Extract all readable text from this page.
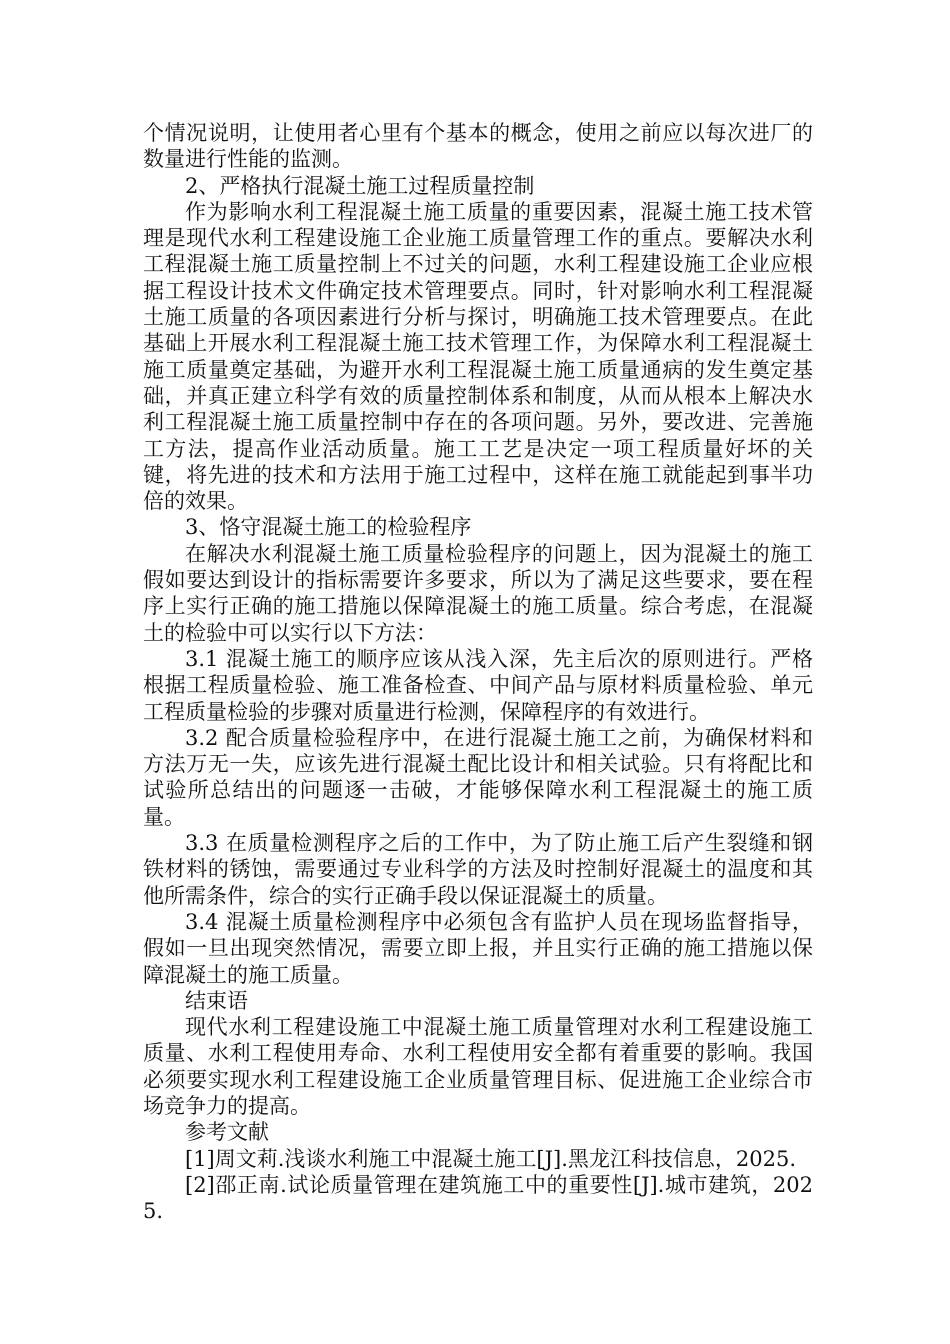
个情况说明，让使用者心里有个基本的概念，使用之前应以每次进厂的数量进行性能的监测。

2、严格执行混凝土施工过程质量控制

作为影响水利工程混凝土施工质量的重要因素，混凝土施工技术管理是现代水利工程建设施工企业施工质量管理工作的重点。要解决水利工程混凝土施工质量控制上不过关的问题，水利工程建设施工企业应根据工程设计技术文件确定技术管理要点。同时，针对影响水利工程混凝土施工质量的各项因素进行分析与探讨，明确施工技术管理要点。在此基础上开展水利工程混凝土施工技术管理工作，为保障水利工程混凝土施工质量奠定基础，为避开水利工程混凝土施工质量通病的发生奠定基础，并真正建立科学有效的质量控制体系和制度，从而从根本上解决水利工程混凝土施工质量控制中存在的各项问题。另外，要改进、完善施工方法，提高作业活动质量。施工工艺是决定一项工程质量好坏的关键，将先进的技术和方法用于施工过程中，这样在施工就能起到事半功倍的效果。

3、恪守混凝土施工的检验程序

在解决水利混凝土施工质量检验程序的问题上，因为混凝土的施工假如要达到设计的指标需要许多要求，所以为了满足这些要求，要在程序上实行正确的施工措施以保障混凝土的施工质量。综合考虑，在混凝土的检验中可以实行以下方法：

3.1 混凝土施工的顺序应该从浅入深，先主后次的原则进行。严格根据工程质量检验、施工准备检查、中间产品与原材料质量检验、单元工程质量检验的步骤对质量进行检测，保障程序的有效进行。

3.2 配合质量检验程序中，在进行混凝土施工之前，为确保材料和方法万无一失，应该先进行混凝土配比设计和相关试验。只有将配比和试验所总结出的问题逐一击破，才能够保障水利工程混凝土的施工质量。

3.3 在质量检测程序之后的工作中，为了防止施工后产生裂缝和钢铁材料的锈蚀，需要通过专业科学的方法及时控制好混凝土的温度和其他所需条件，综合的实行正确手段以保证混凝土的质量。

3.4 混凝土质量检测程序中必须包含有监护人员在现场监督指导，假如一旦出现突然情况，需要立即上报，并且实行正确的施工措施以保障混凝土的施工质量。

结束语

现代水利工程建设施工中混凝土施工质量管理对水利工程建设施工质量、水利工程使用寿命、水利工程使用安全都有着重要的影响。我国必须要实现水利工程建设施工企业质量管理目标、促进施工企业综合市场竞争力的提高。

参考文献

[1]周文莉.浅谈水利施工中混凝土施工[J].黑龙江科技信息，2025.

[2]邵正南.试论质量管理在建筑施工中的重要性[J].城市建筑，2025.
